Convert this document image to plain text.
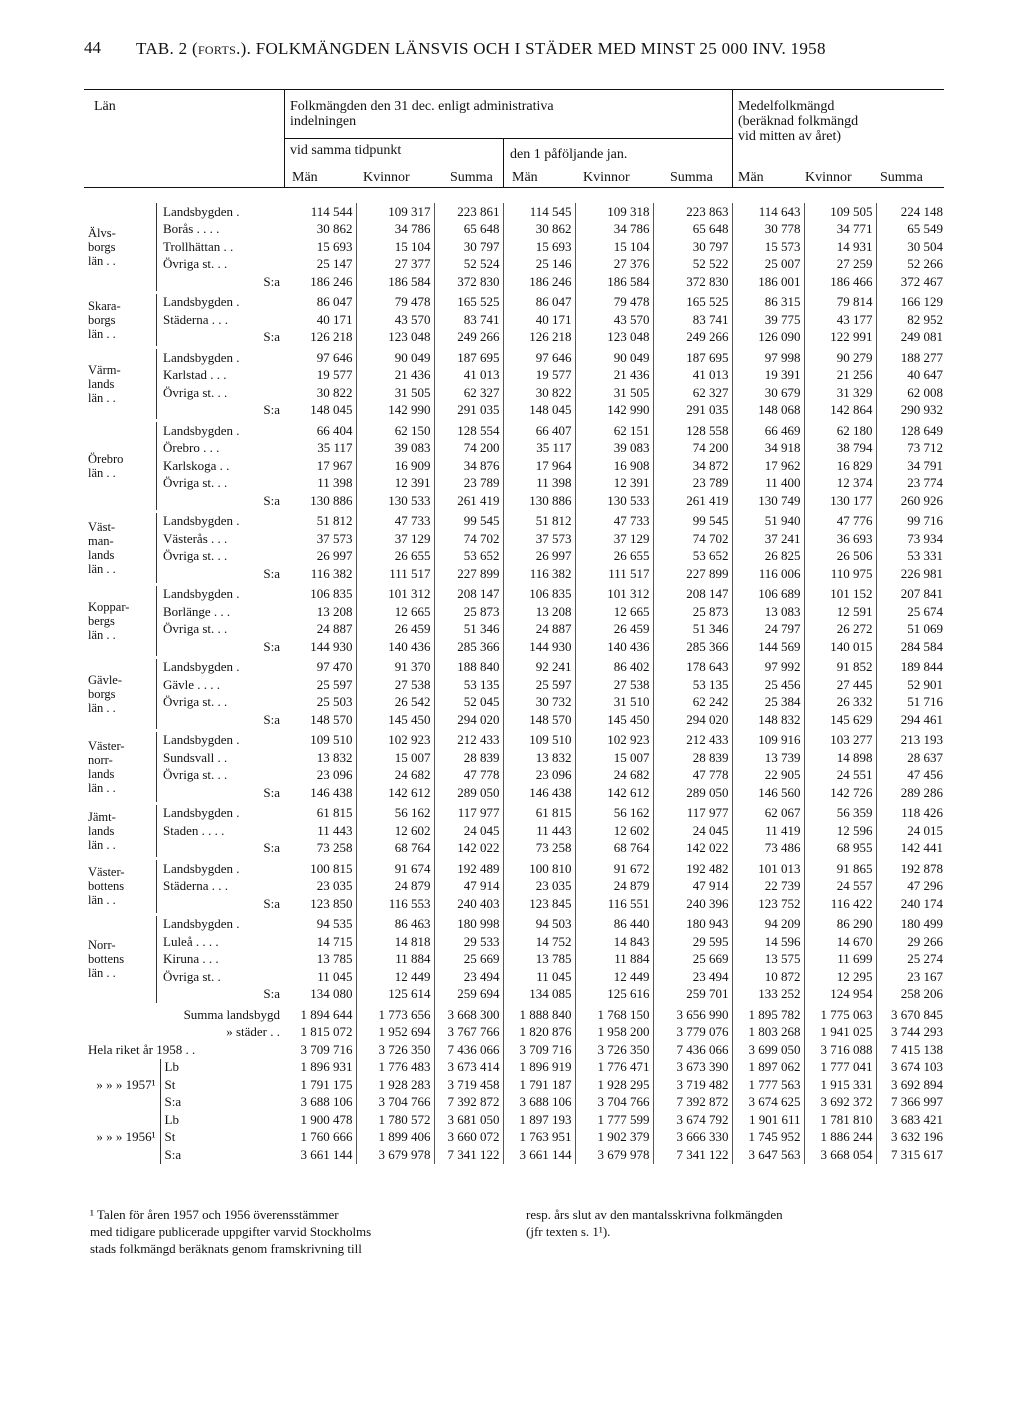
44 TAB. 2 (forts.). FOLKMÄNGDEN LÄNSVIS OCH I STÄDER MED MINST 25 000 INV. 1958
Län	Folkmängden den 31 dec. enligt administrativa
indelningen
vid samma tidpunkt	den 1 påföljande jan.
Medelfolkmängd
(beräknad folkmängd
vid mitten av året)
Män	Kvinnor	Summa Män	Kvinnor	Summa Män	Kvinnor Summa
Älvs-
borgs
län . .		Landsbygden .	114 544	109 317	223 861	114 545	109 318	223 863	114 643	109 505	224 148
		Borås . . . .	30 862	34 786	65 648	30 862	34 786	65 648	30 778	34 771	65 549
		Trollhättan . .	15 693	15 104	30 797	15 693	15 104	30 797	15 573	14 931	30 504
		Övriga st. . .	25 147	27 377	52 524	25 146	27 376	52 522	25 007	27 259	52 266
		S:a	186 246	186 584	372 830	186 246	186 584	372 830	186 001	186 466	372 467

Skara-
borgs
län . .		Landsbygden .	86 047	79 478	165 525	86 047	79 478	165 525	86 315	79 814	166 129
		Städerna . . .	40 171	43 570	83 741	40 171	43 570	83 741	39 775	43 177	82 952
		S:a	126 218	123 048	249 266	126 218	123 048	249 266	126 090	122 991	249 081

Värm-
lands
län . .		Landsbygden .	97 646	90 049	187 695	97 646	90 049	187 695	97 998	90 279	188 277
		Karlstad . . .	19 577	21 436	41 013	19 577	21 436	41 013	19 391	21 256	40 647
		Övriga st. . .	30 822	31 505	62 327	30 822	31 505	62 327	30 679	31 329	62 008
		S:a	148 045	142 990	291 035	148 045	142 990	291 035	148 068	142 864	290 932

Örebro
län . .		Landsbygden .	66 404	62 150	128 554	66 407	62 151	128 558	66 469	62 180	128 649
		Örebro . . .	35 117	39 083	74 200	35 117	39 083	74 200	34 918	38 794	73 712
		Karlskoga . .	17 967	16 909	34 876	17 964	16 908	34 872	17 962	16 829	34 791
		Övriga st. . .	11 398	12 391	23 789	11 398	12 391	23 789	11 400	12 374	23 774
		S:a	130 886	130 533	261 419	130 886	130 533	261 419	130 749	130 177	260 926

Väst-
man-
lands
län . .		Landsbygden .	51 812	47 733	99 545	51 812	47 733	99 545	51 940	47 776	99 716
		Västerås . . .	37 573	37 129	74 702	37 573	37 129	74 702	37 241	36 693	73 934
		Övriga st. . .	26 997	26 655	53 652	26 997	26 655	53 652	26 825	26 506	53 331
		S:a	116 382	111 517	227 899	116 382	111 517	227 899	116 006	110 975	226 981

Koppar-
bergs
län . .		Landsbygden .	106 835	101 312	208 147	106 835	101 312	208 147	106 689	101 152	207 841
		Borlänge . . .	13 208	12 665	25 873	13 208	12 665	25 873	13 083	12 591	25 674
		Övriga st. . .	24 887	26 459	51 346	24 887	26 459	51 346	24 797	26 272	51 069
		S:a	144 930	140 436	285 366	144 930	140 436	285 366	144 569	140 015	284 584

Gävle-
borgs
län . .		Landsbygden .	97 470	91 370	188 840	92 241	86 402	178 643	97 992	91 852	189 844
		Gävle . . . .	25 597	27 538	53 135	25 597	27 538	53 135	25 456	27 445	52 901
		Övriga st. . .	25 503	26 542	52 045	30 732	31 510	62 242	25 384	26 332	51 716
		S:a	148 570	145 450	294 020	148 570	145 450	294 020	148 832	145 629	294 461

Väster-
norr-
lands
län . .		Landsbygden .	109 510	102 923	212 433	109 510	102 923	212 433	109 916	103 277	213 193
		Sundsvall . .	13 832	15 007	28 839	13 832	15 007	28 839	13 739	14 898	28 637
		Övriga st. . .	23 096	24 682	47 778	23 096	24 682	47 778	22 905	24 551	47 456
		S:a	146 438	142 612	289 050	146 438	142 612	289 050	146 560	142 726	289 286

Jämt-
lands
län . .		Landsbygden .	61 815	56 162	117 977	61 815	56 162	117 977	62 067	56 359	118 426
		Staden . . . .	11 443	12 602	24 045	11 443	12 602	24 045	11 419	12 596	24 015
		S:a	73 258	68 764	142 022	73 258	68 764	142 022	73 486	68 955	142 441

Väster-
bottens
län . .		Landsbygden .	100 815	91 674	192 489	100 810	91 672	192 482	101 013	91 865	192 878
		Städerna . . .	23 035	24 879	47 914	23 035	24 879	47 914	22 739	24 557	47 296
		S:a	123 850	116 553	240 403	123 845	116 551	240 396	123 752	116 422	240 174

Norr-
bottens
län . .		Landsbygden .	94 535	86 463	180 998	94 503	86 440	180 943	94 209	86 290	180 499
		Luleå . . . .	14 715	14 818	29 533	14 752	14 843	29 595	14 596	14 670	29 266
		Kiruna . . .	13 785	11 884	25 669	13 785	11 884	25 669	13 575	11 699	25 274
		Övriga st. .	11 045	12 449	23 494	11 045	12 449	23 494	10 872	12 295	23 167
		S:a	134 080	125 614	259 694	134 085	125 616	259 701	133 252	124 954	258 206

Summa landsbygd			1 894 644	1 773 656	3 668 300	1 888 840	1 768 150	3 656 990	1 895 782	1 775 063	3 670 845
» städer . .			1 815 072	1 952 694	3 767 766	1 820 876	1 958 200	3 779 076	1 803 268	1 941 025	3 744 293
Hela riket år 1958 . .			3 709 716	3 726 350	7 436 066	3 709 716	3 726 350	7 436 066	3 699 050	3 716 088	7 415 138
» » » 1957¹		Lb	1 896 931	1 776 483	3 673 414	1 896 919	1 776 471	3 673 390	1 897 062	1 777 041	3 674 103
		St	1 791 175	1 928 283	3 719 458	1 791 187	1 928 295	3 719 482	1 777 563	1 915 331	3 692 894
		S:a	3 688 106	3 704 766	7 392 872	3 688 106	3 704 766	7 392 872	3 674 625	3 692 372	7 366 997
» » » 1956¹		Lb	1 900 478	1 780 572	3 681 050	1 897 193	1 777 599	3 674 792	1 901 611	1 781 810	3 683 421
		St	1 760 666	1 899 406	3 660 072	1 763 951	1 902 379	3 666 330	1 745 952	1 886 244	3 632 196
		S:a	3 661 144	3 679 978	7 341 122	3 661 144	3 679 978	7 341 122	3 647 563	3 668 054	7 315 617
¹ Talen för åren 1957 och 1956 överensstämmer
med tidigare publicerade uppgifter varvid Stockholms
stads folkmängd beräknats genom framskrivning till
resp. års slut av den mantalsskrivna folkmängden
(jfr texten s. 1¹).
